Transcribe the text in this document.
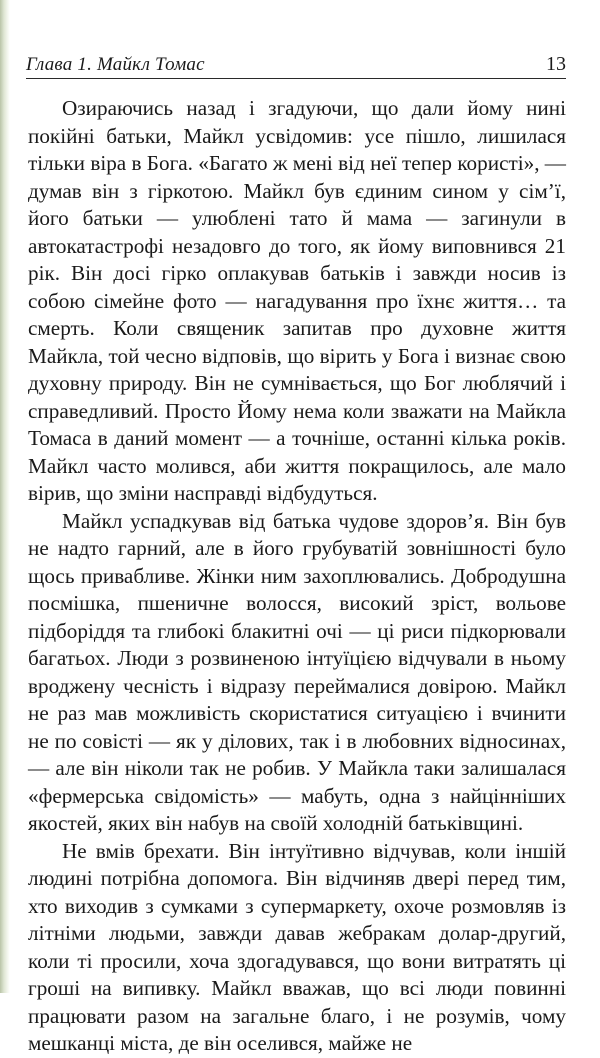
Глава 1. Майкл Томас	13

Озираючись назад і згадуючи, що дали йому нині покійні батьки, Майкл усвідомив: усе пішло, лишилася тільки віра в Бога. «Багато ж мені від неї тепер користі», — думав він з гіркотою. Майкл був єдиним сином у сім’ї, його батьки — улюблені тато й мама — загинули в автокатастрофі незадовго до того, як йому виповнився 21 рік. Він досі гірко оплакував батьків і завжди носив із собою сімейне фото — нагадування про їхнє життя… та смерть. Коли священик запитав про духовне життя Майкла, той чесно відповів, що вірить у Бога і визнає свою духовну природу. Він не сумнівається, що Бог люблячий і справедливий. Просто Йому нема коли зважати на Майкла Томаса в даний момент — а точніше, останні кілька років. Майкл часто молився, аби життя покращилось, але мало вірив, що зміни насправді відбудуться.

Майкл успадкував від батька чудове здоров’я. Він був не надто гарний, але в його грубуватій зовнішності було щось привабливе. Жінки ним захоплювались. Добродушна посмішка, пшеничне волосся, високий зріст, вольове підборіддя та глибокі блакитні очі — ці риси підкорювали багатьох. Люди з розвиненою інтуїцією відчували в ньому вроджену чесність і відразу переймалися довірою. Майкл не раз мав можливість скористатися ситуацією і вчинити не по совісті — як у ділових, так і в любовних відносинах, — але він ніколи так не робив. У Майкла таки залишалася «фермерська свідомість» — мабуть, одна з найцінніших якостей, яких він набув на своїй холодній батьківщині.

Не вмів брехати. Він інтуїтивно відчував, коли іншій людині потрібна допомога. Він відчиняв двері перед тим, хто виходив з сумками з супермаркету, охоче розмовляв із літніми людьми, завжди давав жебракам долар-другий, коли ті просили, хоча здогадувався, що вони витратять ці гроші на випивку. Майкл вважав, що всі люди повинні працювати разом на загальне благо, і не розумів, чому мешканці міста, де він оселився, майже не
